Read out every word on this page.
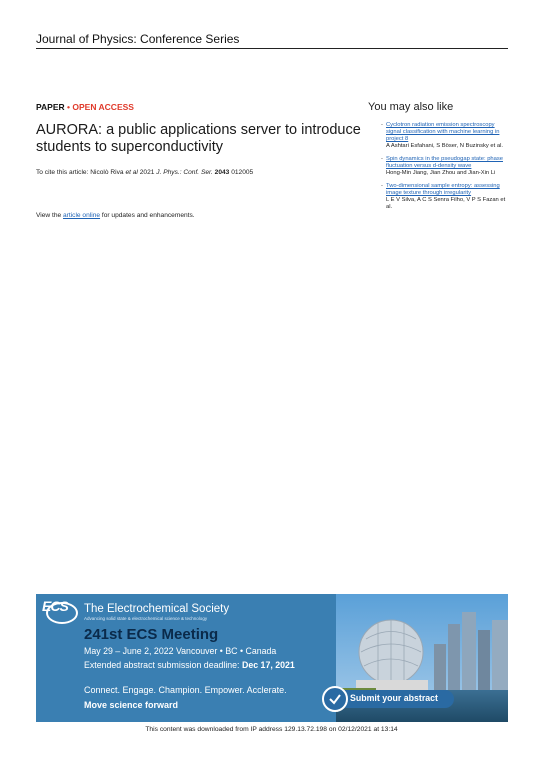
Journal of Physics: Conference Series
PAPER • OPEN ACCESS
AURORA: a public applications server to introduce students to superconductivity
To cite this article: Nicolò Riva et al 2021 J. Phys.: Conf. Ser. 2043 012005
View the article online for updates and enhancements.
You may also like
- Cyclotron radiation emission spectroscopy signal classification with machine learning in project 8
A Ashtari Esfahani, S Böser, N Buzinsky et al.
- Spin dynamics in the pseudogap state: phase fluctuation versus d-density wave
Hong-Min Jiang, Jian Zhou and Jian-Xin Li
- Two-dimensional sample entropy: assessing image texture through irregularity
L E V Silva, A C S Senra Filho, V P S Fazan et al.
ECS The Electrochemical Society
Advancing solid state & electrochemical science & technology
241st ECS Meeting
May 29 – June 2, 2022 Vancouver • BC • Canada
Extended abstract submission deadline: Dec 17, 2021
Connect. Engage. Champion. Empower. Acclerate.
Move science forward
Submit your abstract
This content was downloaded from IP address 129.13.72.198 on 02/12/2021 at 13:14
